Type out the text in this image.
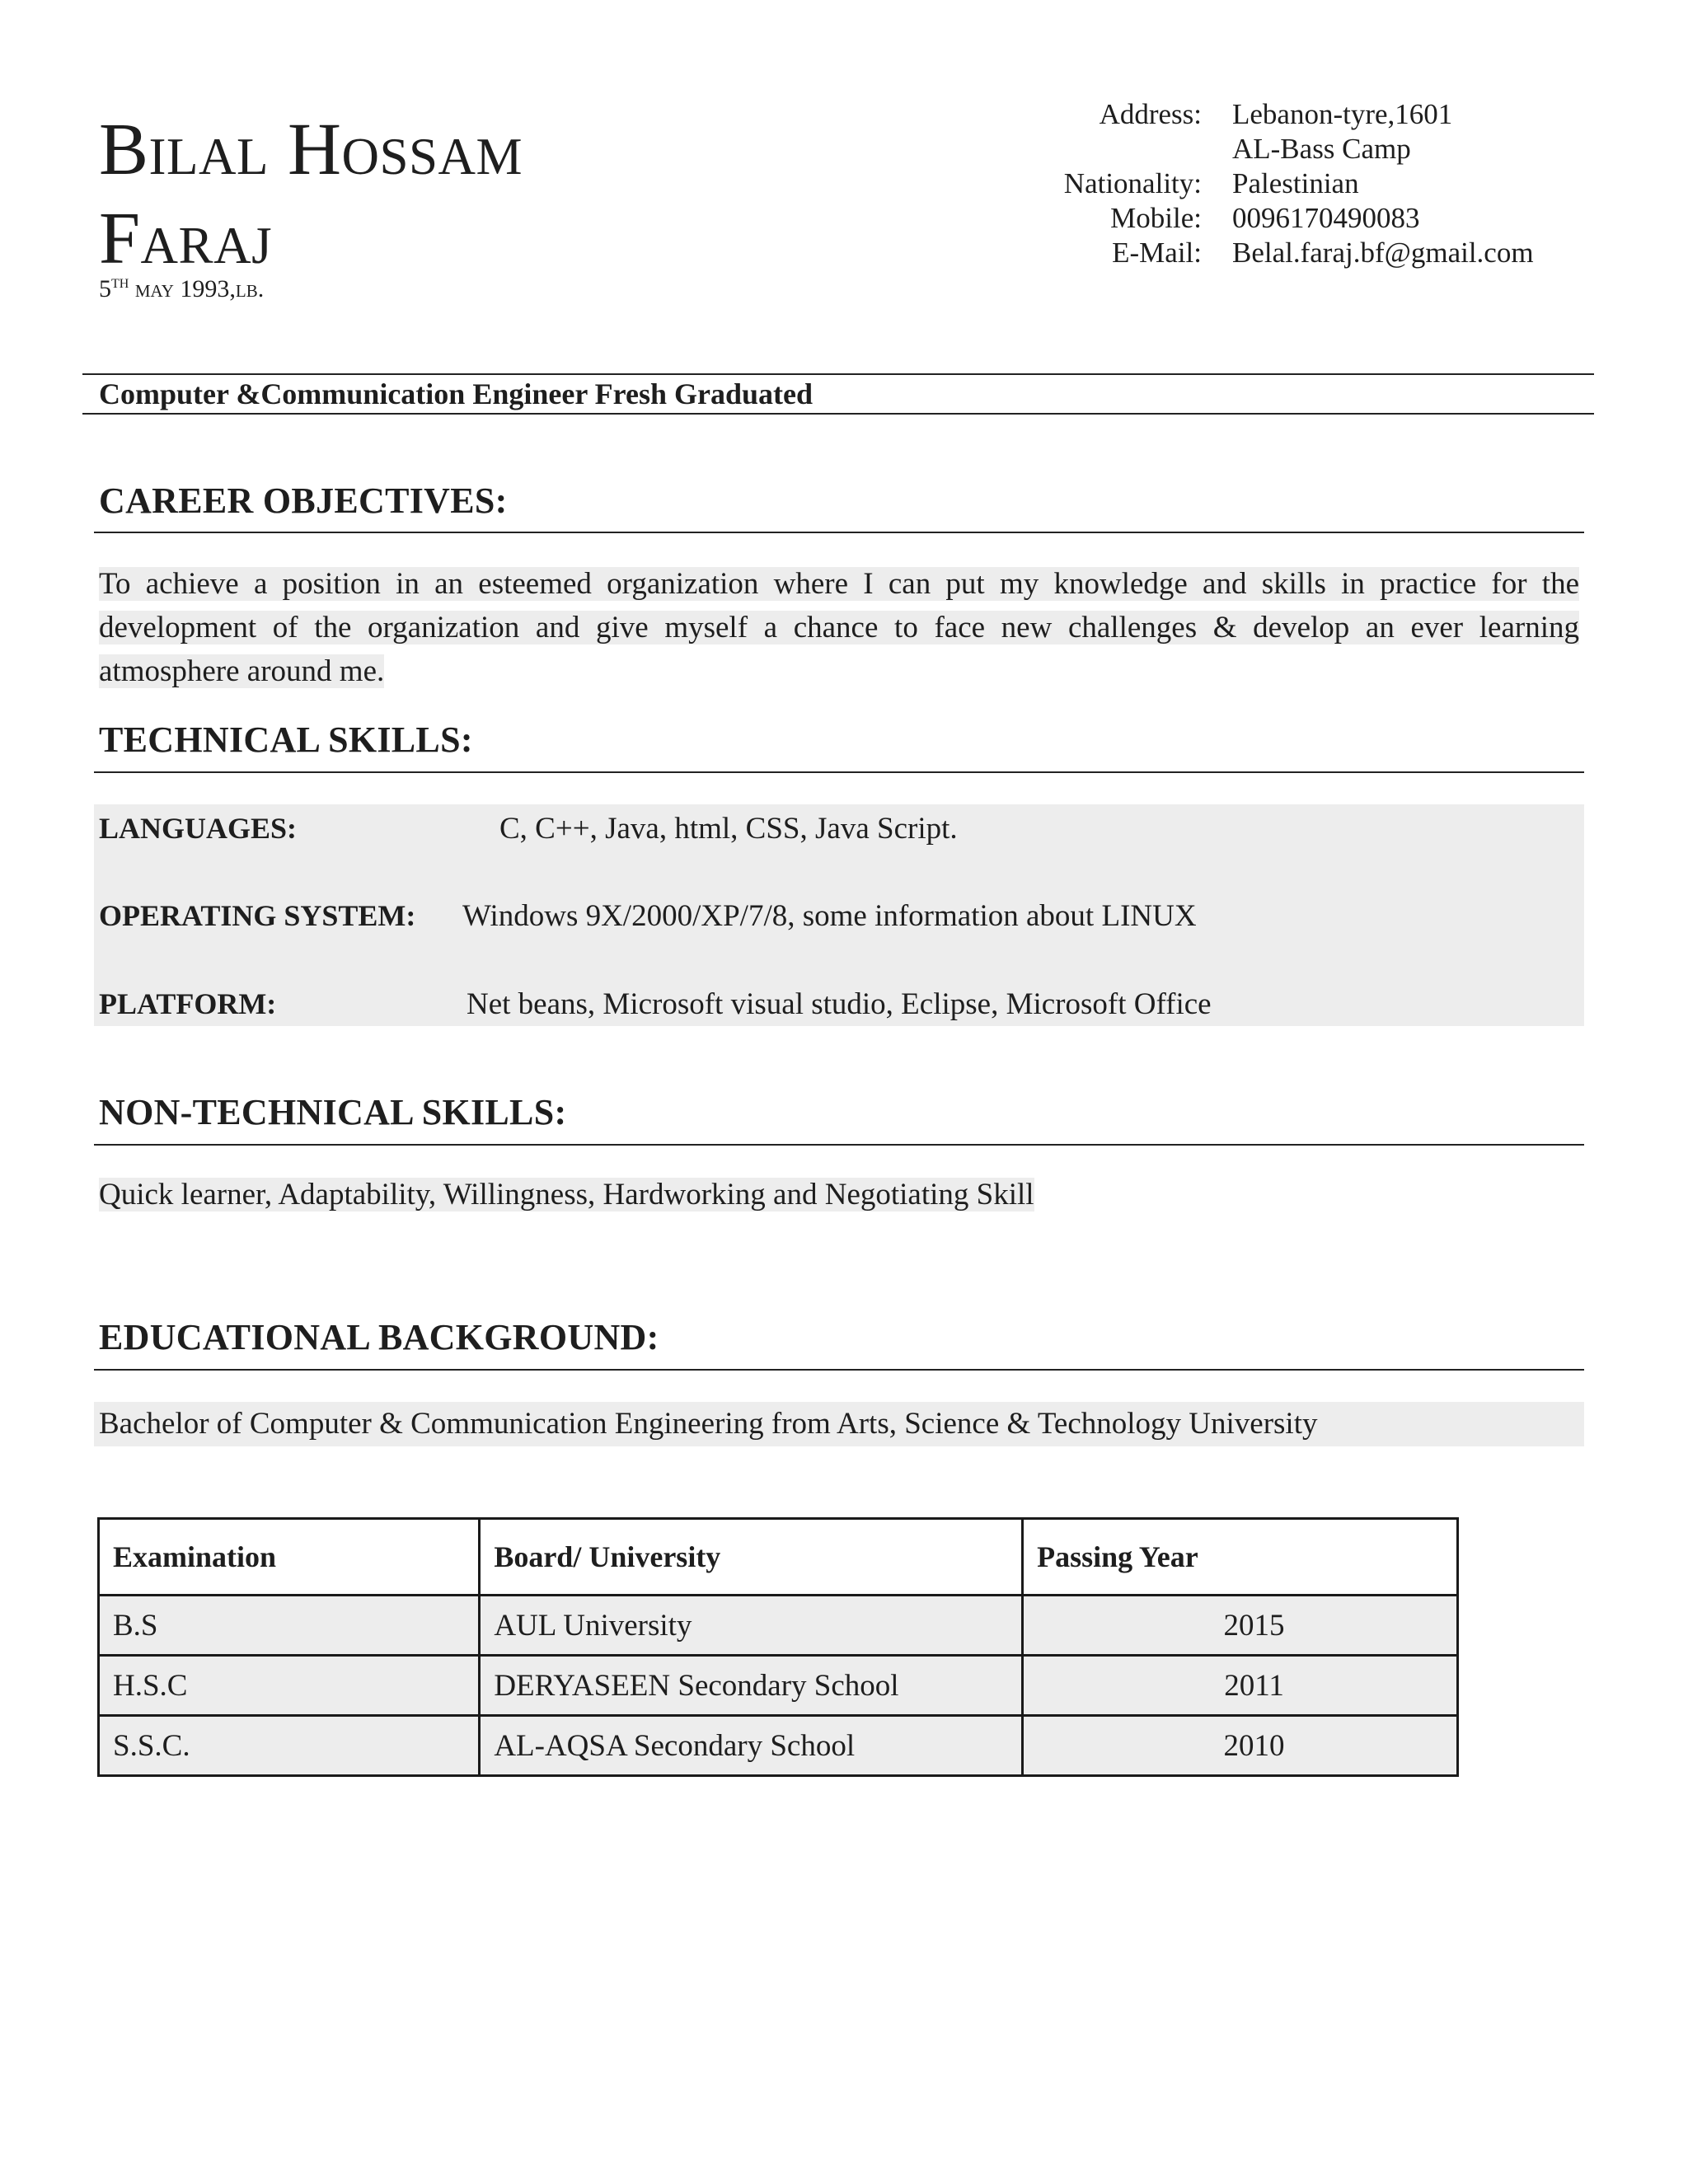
Bilal Hossam
Faraj
5TH may 1993,lb.
Address: Lebanon-tyre,1601
AL-Bass Camp
Nationality: Palestinian
Mobile: 0096170490083
E-Mail: Belal.faraj.bf@gmail.com
Computer &Communication Engineer Fresh Graduated
CAREER OBJECTIVES:
To achieve a position in an esteemed organization where I can put my knowledge and skills in practice for the development of the organization and give myself a chance to face new challenges & develop an ever learning atmosphere around me.
TECHNICAL SKILLS:
LANGUAGES:	C, C++, Java, html, CSS, Java Script.
OPERATING SYSTEM: Windows 9X/2000/XP/7/8, some information about LINUX
PLATFORM:	Net beans, Microsoft visual studio, Eclipse, Microsoft Office
NON-TECHNICAL SKILLS:
Quick learner, Adaptability, Willingness, Hardworking and Negotiating Skill
EDUCATIONAL BACKGROUND:
Bachelor of Computer & Communication Engineering from Arts, Science & Technology University
Examination	Board/ University	Passing Year
B.S	AUL University	2015
H.S.C	DERYASEEN Secondary School	2011
S.S.C.	AL-AQSA Secondary School	2010
